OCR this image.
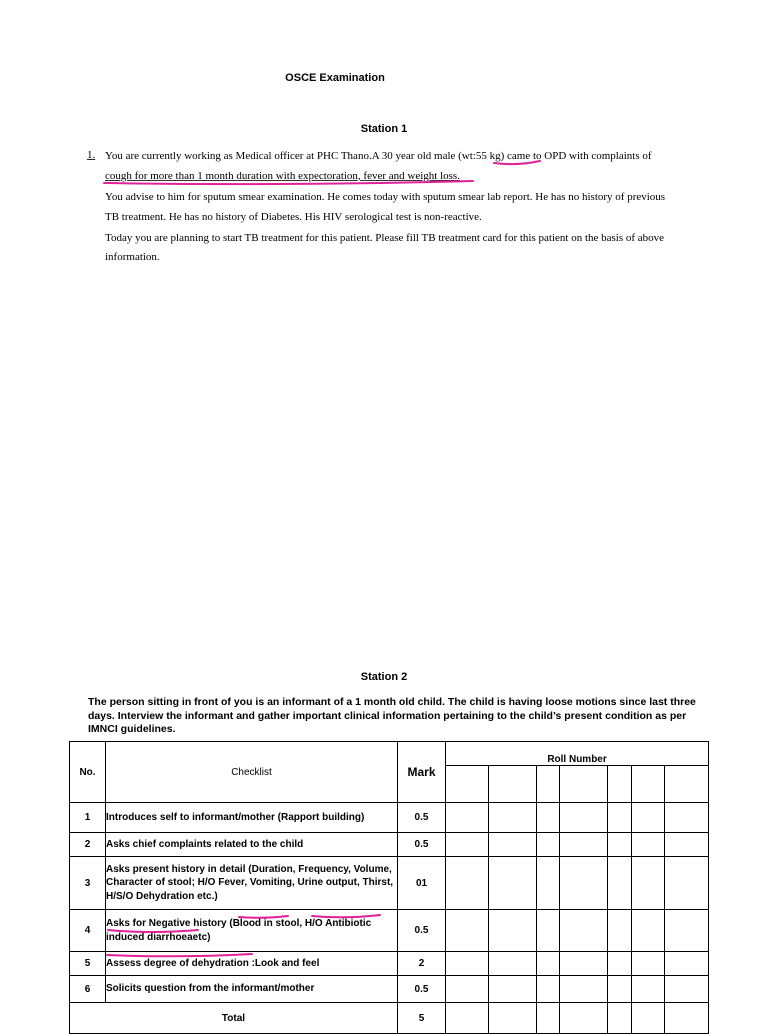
OSCE Examination
Station 1
1. You are currently working as Medical officer at PHC Thano.A 30 year old male (wt:55 kg) came to OPD with complaints of
cough for more than 1 month duration with expectoration, fever and weight loss.
You advise to him for sputum smear examination. He comes today with sputum smear lab report. He has no history of previous
TB treatment. He has no history of Diabetes. His HIV serological test is non-reactive.
Today you are planning to start TB treatment for this patient. Please fill TB treatment card for this patient on the basis of above
information.
Station 2
The person sitting in front of you is an informant of a 1 month old child. The child is having loose motions since last three days. Interview the informant and gather important clinical information pertaining to the child’s present condition as per IMNCI guidelines.
No.	Checklist	Mark	Roll Number						

1	Introduces self to informant/mother (Rapport building)	0.5							
2	Asks chief complaints related to the child	0.5							
3	Asks present history in detail (Duration, Frequency, Volume, Character of stool; H/O Fever, Vomiting, Urine output, Thirst, H/S/O Dehydration etc.)	01							
4	Asks for Negative history (Blood in stool, H/O Antibiotic induced diarrhoeaetc)	0.5							
5	Assess degree of dehydration :Look and feel	2							
6	Solicits question from the informant/mother	0.5							
Total		5							
